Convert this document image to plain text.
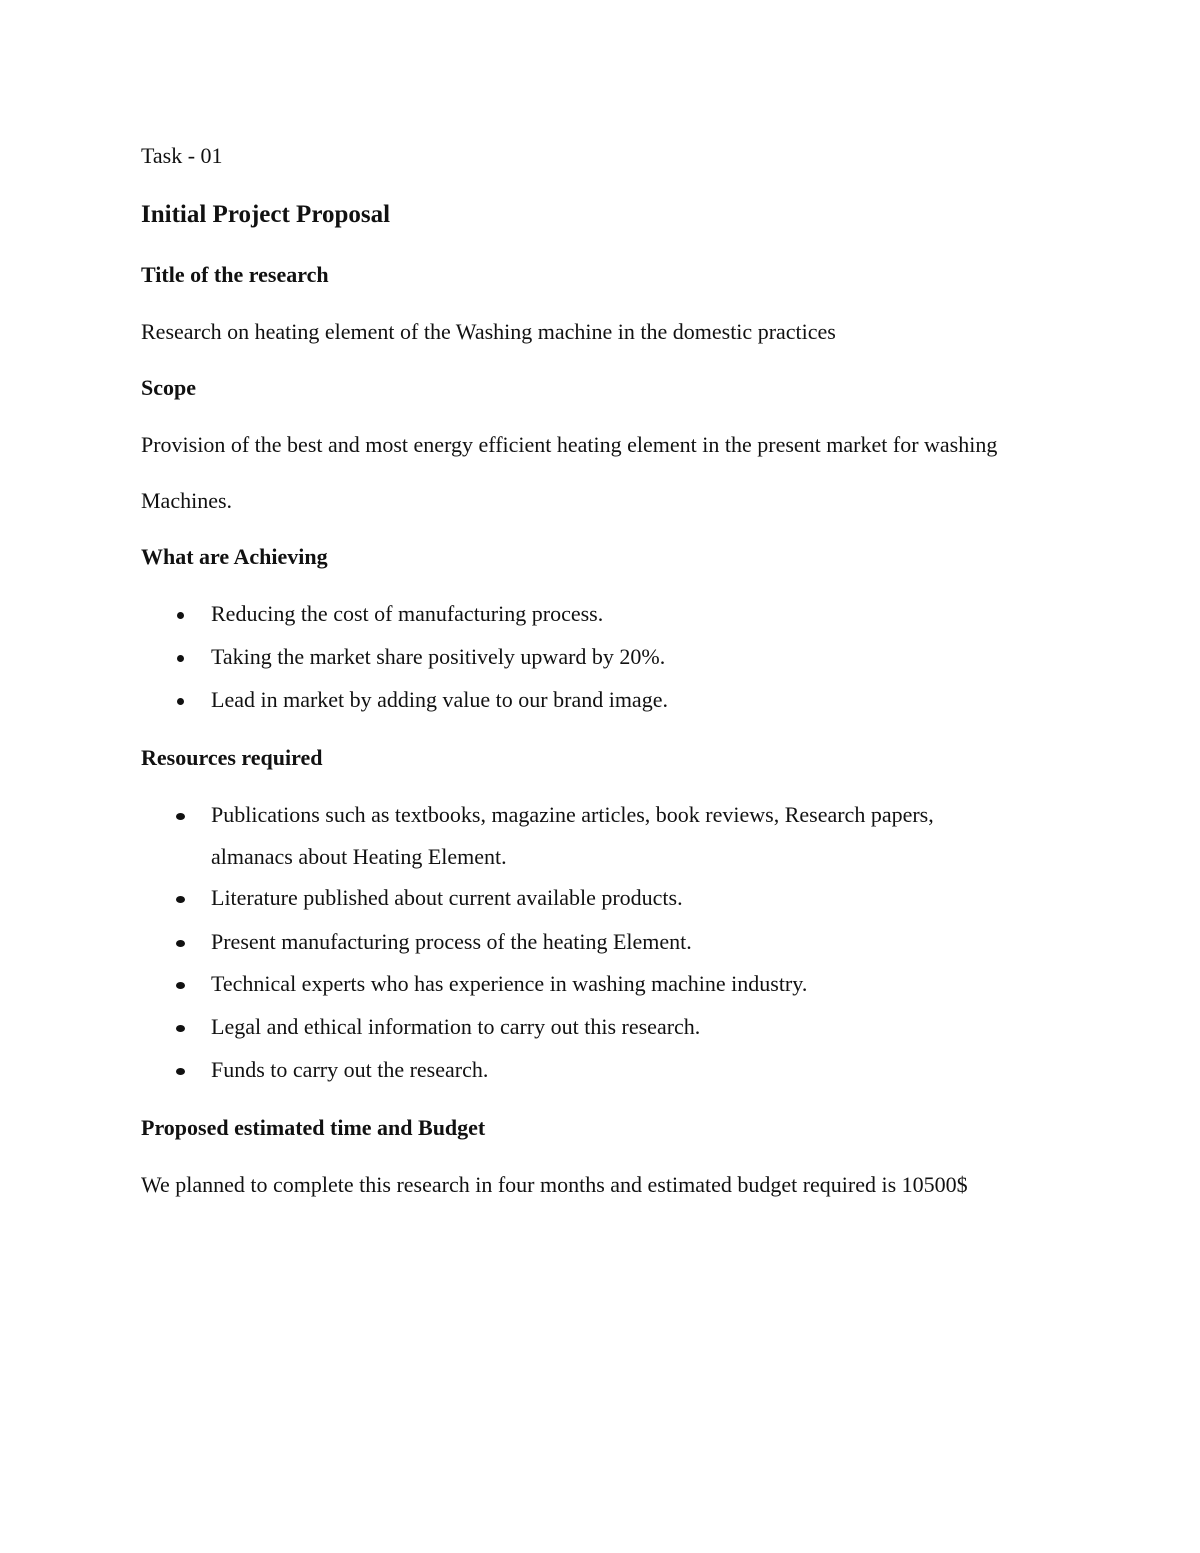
Task - 01
Initial Project Proposal
Title of the research
Research on heating element of the Washing machine in the domestic practices
Scope
Provision of the best and most energy efficient heating element in the present market for washing
Machines.
What are Achieving
Reducing the cost of manufacturing process.
Taking the market share positively upward by 20%.
Lead in market by adding value to our brand image.
Resources required
Publications such as textbooks, magazine articles, book reviews, Research papers,
almanacs about Heating Element.
Literature published about current available products.
Present manufacturing process of the heating Element.
Technical experts who has experience in washing machine industry.
Legal and ethical information to carry out this research.
Funds to carry out the research.
Proposed estimated time and Budget
We planned to complete this research in four months and estimated budget required is 10500$
